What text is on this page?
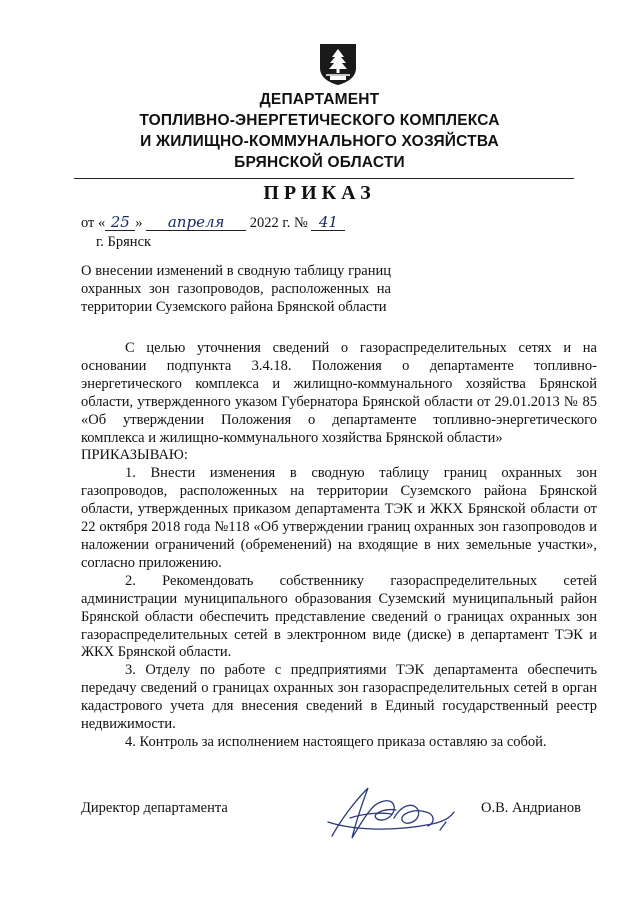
ДЕПАРТАМЕНТ
ТОПЛИВНО-ЭНЕРГЕТИЧЕСКОГО КОМПЛЕКСА
И ЖИЛИЩНО-КОММУНАЛЬНОГО ХОЗЯЙСТВА
БРЯНСКОЙ ОБЛАСТИ
ПРИКАЗ
от « 25 » апреля 2022 г. № 41
г. Брянск
О внесении изменений в сводную таблицу границ охранных зон газопроводов, расположенных на территории Суземского района Брянской области

С целью уточнения сведений о газораспределительных сетях и на основании подпункта 3.4.18. Положения о департаменте топливно-энергетического комплекса и жилищно-коммунального хозяйства Брянской области, утвержденного указом Губернатора Брянской области от 29.01.2013 № 85 «Об утверждении Положения о департаменте топливно-энергетического комплекса и жилищно-коммунального хозяйства Брянской области»

ПРИКАЗЫВАЮ:

1. Внести изменения в сводную таблицу границ охранных зон газопроводов, расположенных на территории Суземского района Брянской области, утвержденных приказом департамента ТЭК и ЖКХ Брянской области от 22 октября 2018 года №118 «Об утверждении границ охранных зон газопроводов и наложении ограничений (обременений) на входящие в них земельные участки», согласно приложению.

2. Рекомендовать собственнику газораспределительных сетей администрации муниципального образования Суземский муниципальный район Брянской области обеспечить представление сведений о границах охранных зон газораспределительных сетей в электронном виде (диске) в департамент ТЭК и ЖКХ Брянской области.

3. Отделу по работе с предприятиями ТЭК департамента обеспечить передачу сведений о границах охранных зон газораспределительных сетей в орган кадастрового учета для внесения сведений в Единый государственный реестр недвижимости.

4. Контроль за исполнением настоящего приказа оставляю за собой.

Директор департамента	О.В. Андрианов
